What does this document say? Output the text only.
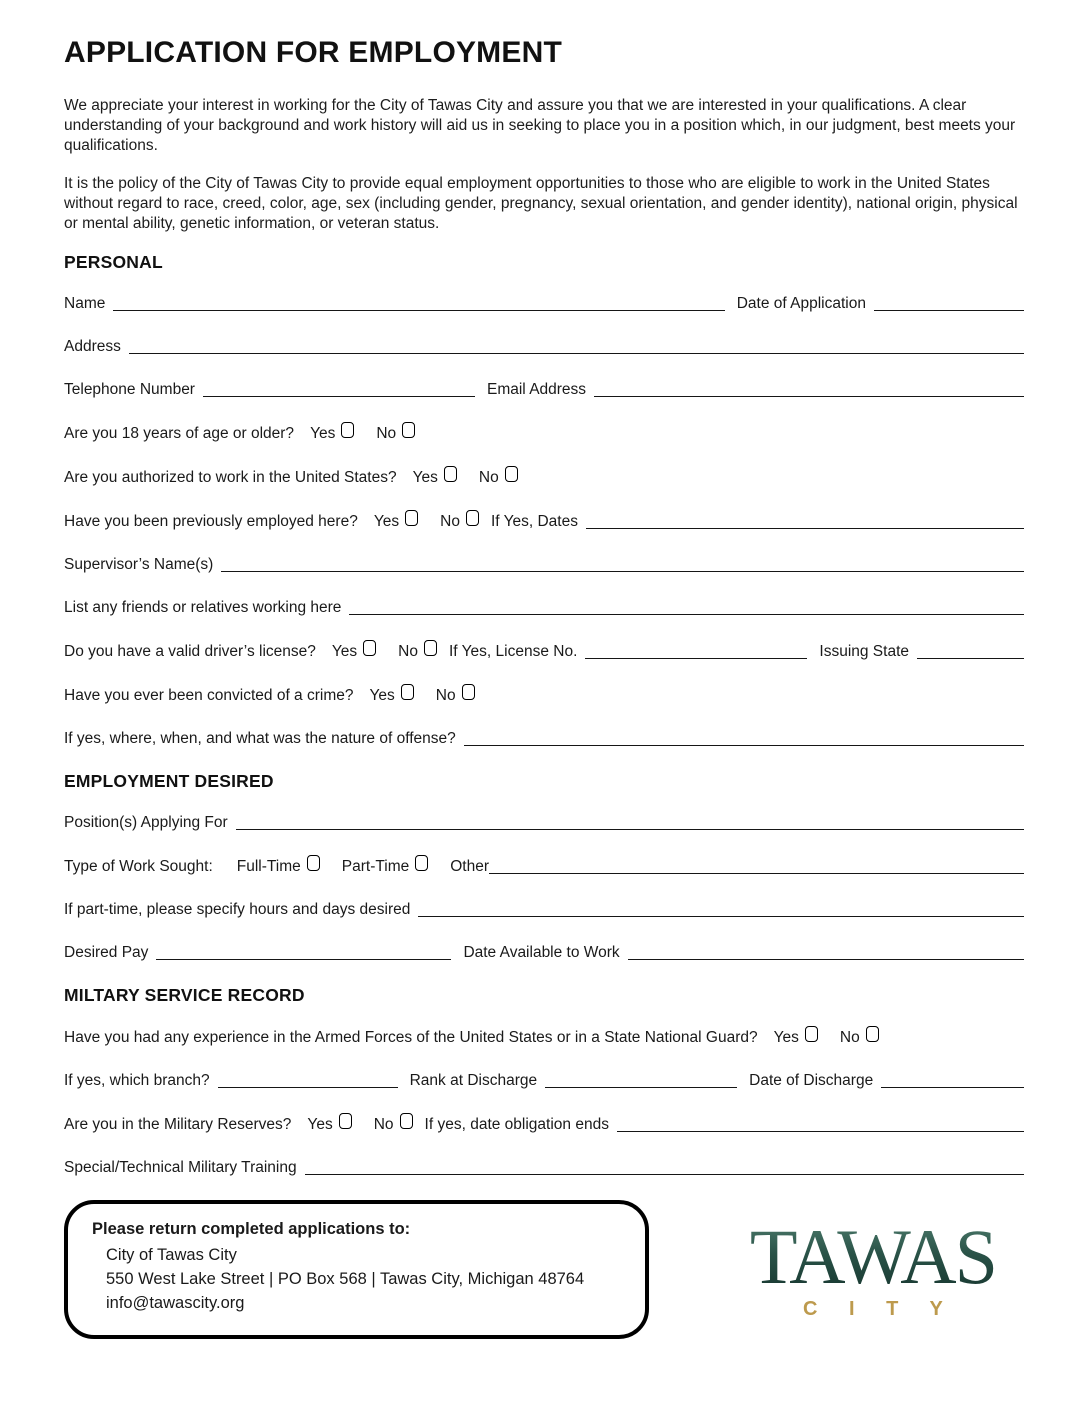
APPLICATION FOR EMPLOYMENT

We appreciate your interest in working for the City of Tawas City and assure you that we are interested in your qualifications. A clear understanding of your background and work history will aid us in seeking to place you in a position which, in our judgment, best meets your qualifications.

It is the policy of the City of Tawas City to provide equal employment opportunities to those who are eligible to work in the United States without regard to race, creed, color, age, sex (including gender, pregnancy, sexual orientation, and gender identity), national origin, physical or mental ability, genetic information, or veteran status.

PERSONAL
Name	Date of Application
Address
Telephone Number	Email Address
Are you 18 years of age or older? Yes	No
Are you authorized to work in the United States? Yes	No
Have you been previously employed here? Yes	No If Yes, Dates
Supervisor’s Name(s)
List any friends or relatives working here
Do you have a valid driver’s license? Yes	No If Yes, License No.	Issuing State
Have you ever been convicted of a crime? Yes	No
If yes, where, when, and what was the nature of offense?
EMPLOYMENT DESIRED
Position(s) Applying For
Type of Work Sought: Full-Time	Part-Time	Other
If part-time, please specify hours and days desired
Desired Pay	Date Available to Work
MILTARY SERVICE RECORD
Have you had any experience in the Armed Forces of the United States or in a State National Guard? Yes	No
If yes, which branch?	Rank at Discharge	Date of Discharge
Are you in the Military Reserves? Yes	No If yes, date obligation ends
Special/Technical Military Training
Please return completed applications to:
City of Tawas City
550 West Lake Street | PO Box 568 | Tawas City, Michigan 48764
info@tawascity.org
TAWAS
C I T Y
